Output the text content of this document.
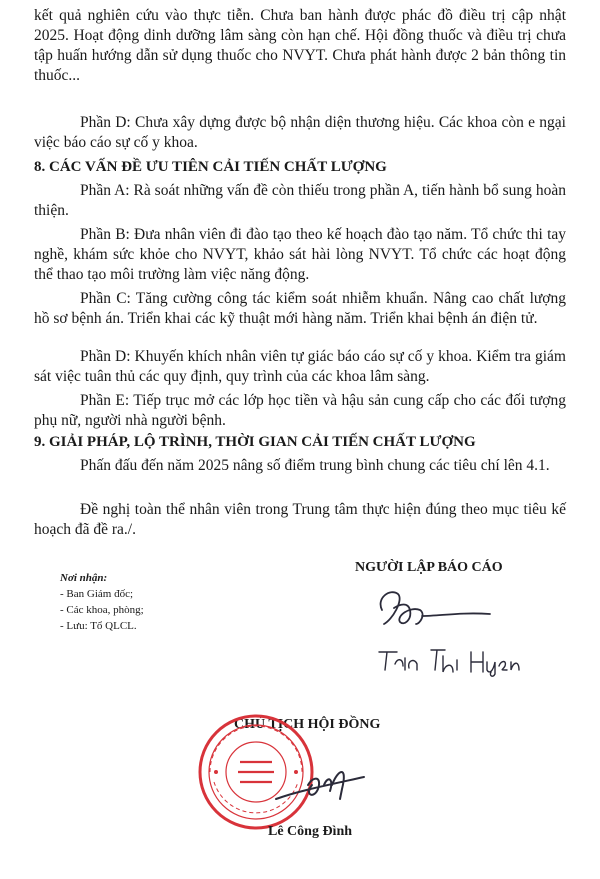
kết quả nghiên cứu vào thực tiễn. Chưa ban hành được phác đồ điều trị cập nhật 2025. Hoạt động dinh dưỡng lâm sàng còn hạn chế. Hội đồng thuốc và điều trị chưa tập huấn hướng dẫn sử dụng thuốc cho NVYT. Chưa phát hành được 2 bản thông tin thuốc...

Phần D: Chưa xây dựng được bộ nhận diện thương hiệu. Các khoa còn e ngại việc báo cáo sự cố y khoa.

8. CÁC VẤN ĐỀ ƯU TIÊN CẢI TIẾN CHẤT LƯỢNG

Phần A: Rà soát những vấn đề còn thiếu trong phần A, tiến hành bổ sung hoàn thiện.

Phần B: Đưa nhân viên đi đào tạo theo kế hoạch đào tạo năm. Tổ chức thi tay nghề, khám sức khỏe cho NVYT, khảo sát hài lòng NVYT. Tổ chức các hoạt động thể thao tạo môi trường làm việc năng động.

Phần C: Tăng cường công tác kiểm soát nhiễm khuẩn. Nâng cao chất lượng hồ sơ bệnh án. Triển khai các kỹ thuật mới hàng năm. Triển khai bệnh án điện tử.

Phần D: Khuyến khích nhân viên tự giác báo cáo sự cố y khoa. Kiểm tra giám sát việc tuân thủ các quy định, quy trình của các khoa lâm sàng.

Phần E: Tiếp trục mở các lớp học tiền và hậu sản cung cấp cho các đối tượng phụ nữ, người nhà người bệnh.

9. GIẢI PHÁP, LỘ TRÌNH, THỜI GIAN CẢI TIẾN CHẤT LƯỢNG

Phấn đấu đến năm 2025 nâng số điểm trung bình chung các tiêu chí lên 4.1.

Đề nghị toàn thể nhân viên trong Trung tâm thực hiện đúng theo mục tiêu kế hoạch đã đề ra./.

Nơi nhận:
- Ban Giám đốc;
- Các khoa, phòng;
- Lưu: Tổ QLCL.
NGƯỜI LẬP BÁO CÁO
CHỦ TỊCH HỘI ĐỒNG
Lê Công Đình
